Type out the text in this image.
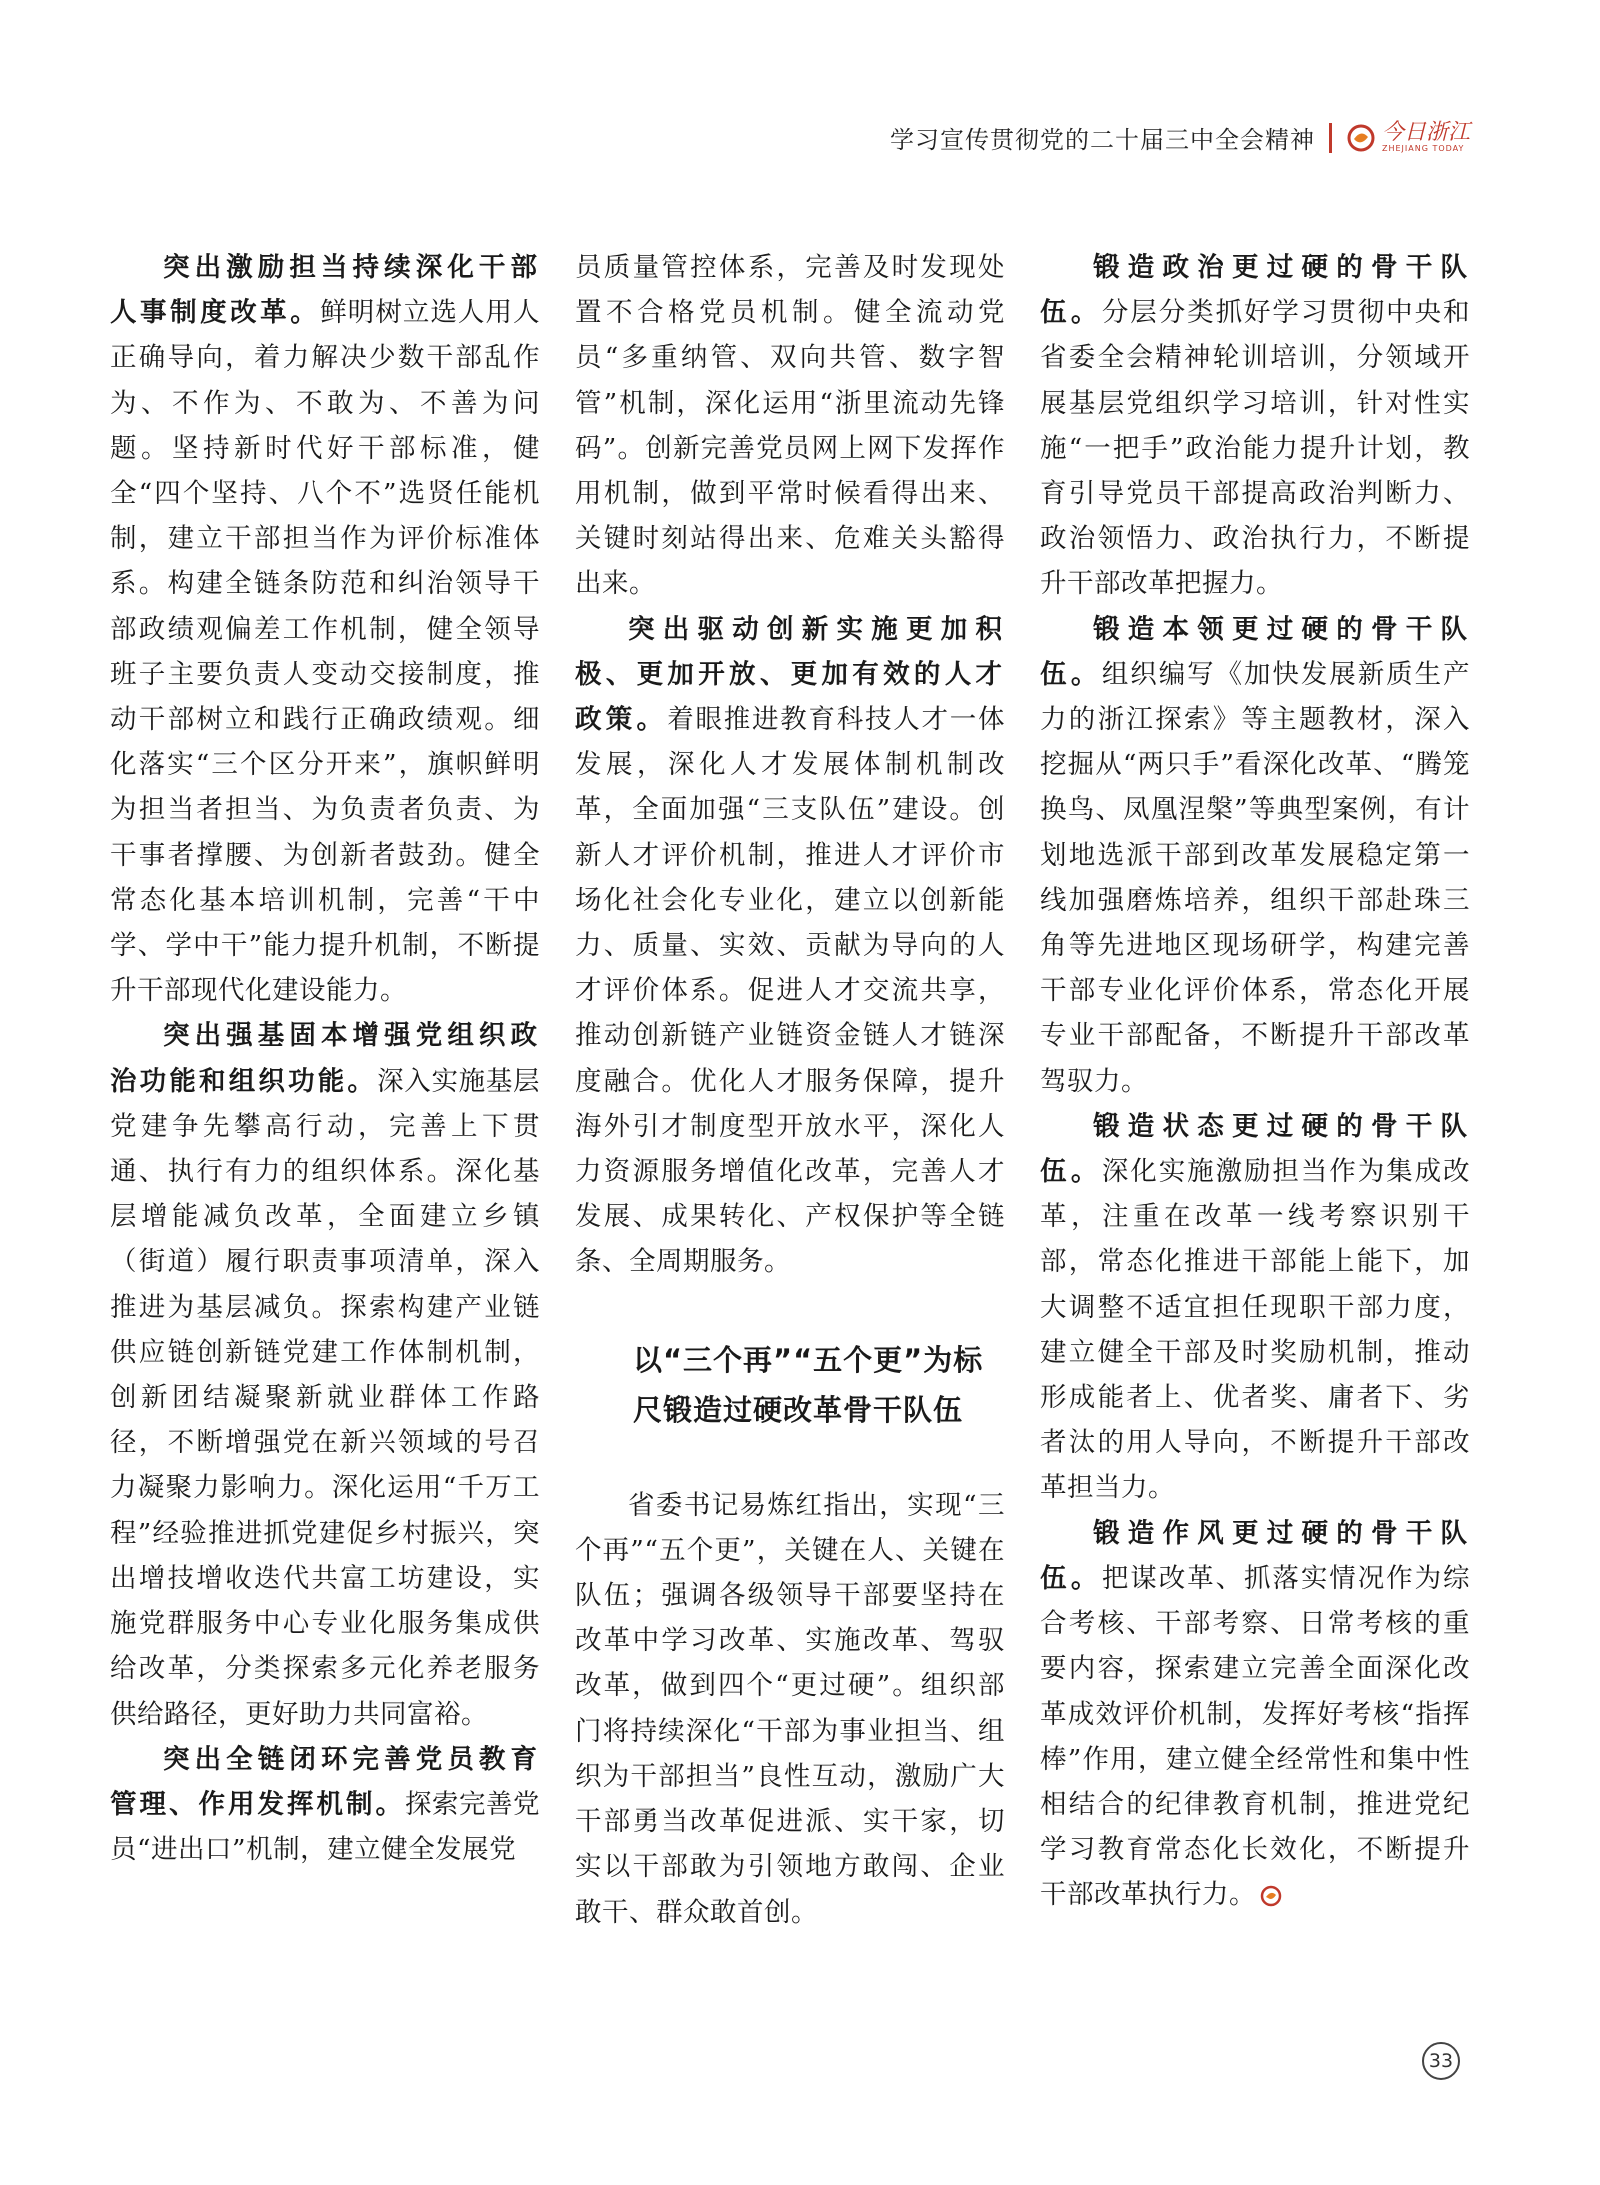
学习宣传贯彻党的二十届三中全会精神	今日浙江
ZHEJIANG TODAY

突出激励担当持续深化干部人事制度改革。鲜明树立选人用人正确导向，着力解决少数干部乱作为、不作为、不敢为、不善为问题。坚持新时代好干部标准，健全“四个坚持、八个不”选贤任能机制，建立干部担当作为评价标准体系。构建全链条防范和纠治领导干部政绩观偏差工作机制，健全领导班子主要负责人变动交接制度，推动干部树立和践行正确政绩观。细化落实“三个区分开来”，旗帜鲜明为担当者担当、为负责者负责、为干事者撑腰、为创新者鼓劲。健全常态化基本培训机制，完善“干中学、学中干”能力提升机制，不断提升干部现代化建设能力。

突出强基固本增强党组织政治功能和组织功能。深入实施基层党建争先攀高行动，完善上下贯通、执行有力的组织体系。深化基层增能减负改革，全面建立乡镇（街道）履行职责事项清单，深入推进为基层减负。探索构建产业链供应链创新链党建工作体制机制，创新团结凝聚新就业群体工作路径，不断增强党在新兴领域的号召力凝聚力影响力。深化运用“千万工程”经验推进抓党建促乡村振兴，突出增技增收迭代共富工坊建设，实施党群服务中心专业化服务集成供给改革，分类探索多元化养老服务供给路径，更好助力共同富裕。

突出全链闭环完善党员教育管理、作用发挥机制。探索完善党员“进出口”机制，建立健全发展党

员质量管控体系，完善及时发现处置不合格党员机制。健全流动党员“多重纳管、双向共管、数字智管”机制，深化运用“浙里流动先锋码”。创新完善党员网上网下发挥作用机制，做到平常时候看得出来、关键时刻站得出来、危难关头豁得出来。

突出驱动创新实施更加积极、更加开放、更加有效的人才政策。着眼推进教育科技人才一体发展，深化人才发展体制机制改革，全面加强“三支队伍”建设。创新人才评价机制，推进人才评价市场化社会化专业化，建立以创新能力、质量、实效、贡献为导向的人才评价体系。促进人才交流共享，推动创新链产业链资金链人才链深度融合。优化人才服务保障，提升海外引才制度型开放水平，深化人力资源服务增值化改革，完善人才发展、成果转化、产权保护等全链条、全周期服务。

以“三个再”“五个更”为标尺锻造过硬改革骨干队伍

省委书记易炼红指出，实现“三个再”“五个更”，关键在人、关键在队伍；强调各级领导干部要坚持在改革中学习改革、实施改革、驾驭改革，做到四个“更过硬”。组织部门将持续深化“干部为事业担当、组织为干部担当”良性互动，激励广大干部勇当改革促进派、实干家，切实以干部敢为引领地方敢闯、企业敢干、群众敢首创。

锻造政治更过硬的骨干队伍。分层分类抓好学习贯彻中央和省委全会精神轮训培训，分领域开展基层党组织学习培训，针对性实施“一把手”政治能力提升计划，教育引导党员干部提高政治判断力、政治领悟力、政治执行力，不断提升干部改革把握力。

锻造本领更过硬的骨干队伍。组织编写《加快发展新质生产力的浙江探索》等主题教材，深入挖掘从“两只手”看深化改革、“腾笼换鸟、凤凰涅槃”等典型案例，有计划地选派干部到改革发展稳定第一线加强磨炼培养，组织干部赴珠三角等先进地区现场研学，构建完善干部专业化评价体系，常态化开展专业干部配备，不断提升干部改革驾驭力。

锻造状态更过硬的骨干队伍。深化实施激励担当作为集成改革，注重在改革一线考察识别干部，常态化推进干部能上能下，加大调整不适宜担任现职干部力度，建立健全干部及时奖励机制，推动形成能者上、优者奖、庸者下、劣者汰的用人导向，不断提升干部改革担当力。

锻造作风更过硬的骨干队伍。把谋改革、抓落实情况作为综合考核、干部考察、日常考核的重要内容，探索建立完善全面深化改革成效评价机制，发挥好考核“指挥棒”作用，建立健全经常性和集中性相结合的纪律教育机制，推进党纪学习教育常态化长效化，不断提升干部改革执行力。

33
